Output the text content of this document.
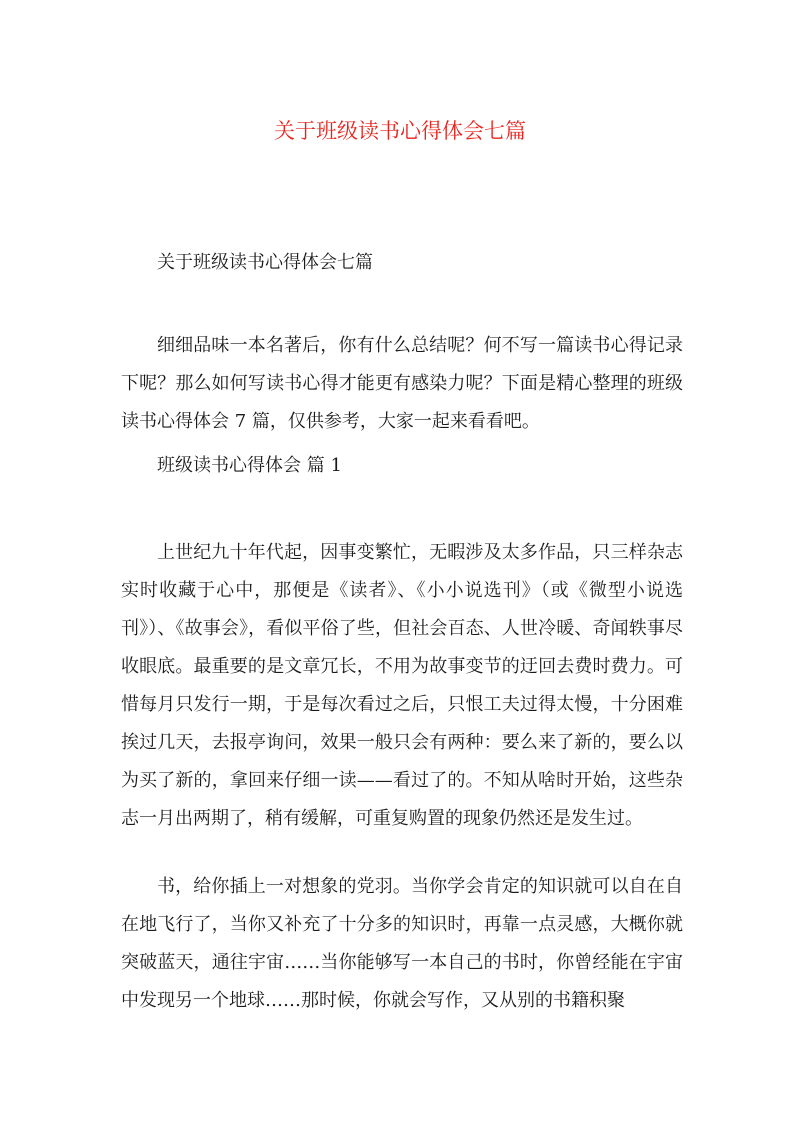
关于班级读书心得体会七篇

关于班级读书心得体会七篇

细细品味一本名著后，你有什么总结呢？何不写一篇读书心得记录下呢？那么如何写读书心得才能更有感染力呢？下面是精心整理的班级读书心得体会 7 篇，仅供参考，大家一起来看看吧。

班级读书心得体会 篇 1

上世纪九十年代起，因事变繁忙，无暇涉及太多作品，只三样杂志实时收藏于心中，那便是《读者》、《小小说选刊》（或《微型小说选刊》）、《故事会》，看似平俗了些，但社会百态、人世冷暖、奇闻轶事尽收眼底。最重要的是文章冗长，不用为故事变节的迂回去费时费力。可惜每月只发行一期，于是每次看过之后，只恨工夫过得太慢，十分困难挨过几天，去报亭询问，效果一般只会有两种：要么来了新的，要么以为买了新的，拿回来仔细一读——看过了的。不知从啥时开始，这些杂志一月出两期了，稍有缓解，可重复购置的现象仍然还是发生过。

书，给你插上一对想象的党羽。当你学会肯定的知识就可以自在自在地飞行了，当你又补充了十分多的知识时，再靠一点灵感，大概你就突破蓝天，通往宇宙……当你能够写一本自己的书时，你曾经能在宇宙中发现另一个地球……那时候，你就会写作，又从别的书籍积聚
